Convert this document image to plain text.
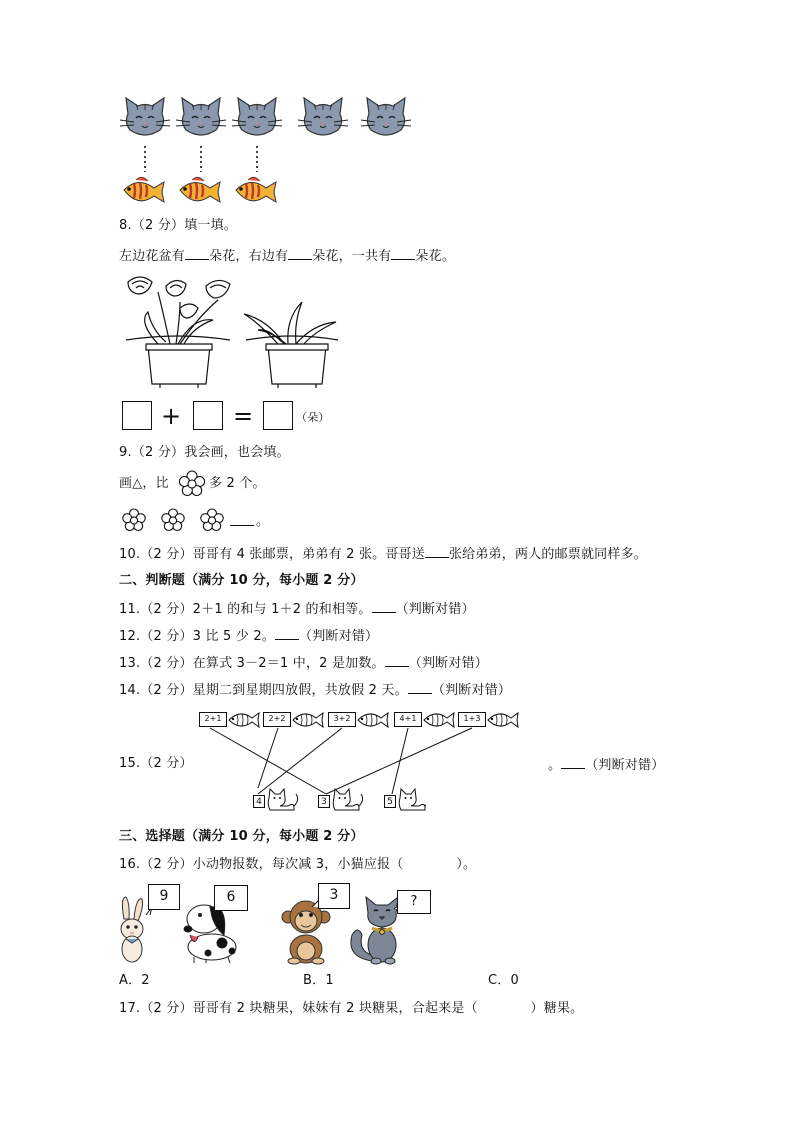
8.（2 分）填一填。
左边花盆有 朵花，右边有 朵花，一共有 朵花。
+ =	（朵）
9.（2 分）我会画，也会填。
画△，比	多 2 个。
。
10.（2 分）哥哥有 4 张邮票，弟弟有 2 张。哥哥送 张给弟弟，两人的邮票就同样多。
二、判断题（满分 10 分，每小题 2 分）
11.（2 分）2＋1 的和与 1＋2 的和相等。 （判断对错）
12.（2 分）3 比 5 少 2。 （判断对错）
13.（2 分）在算式 3－2＝1 中，2 是加数。 （判断对错）
14.（2 分）星期二到星期四放假，共放假 2 天。 （判断对错）
15.（2 分）
2+1	2+2	3+2	4+1	1+3
4	3	5
。 （判断对错）
三、选择题（满分 10 分，每小题 2 分）
16.（2 分）小动物报数，每次减 3，小猫应报（　　　　）。
9	6	3	?
A．2	B．1	C．0
17.（2 分）哥哥有 2 块糖果，妹妹有 2 块糖果，合起来是（　　　　）糖果。
